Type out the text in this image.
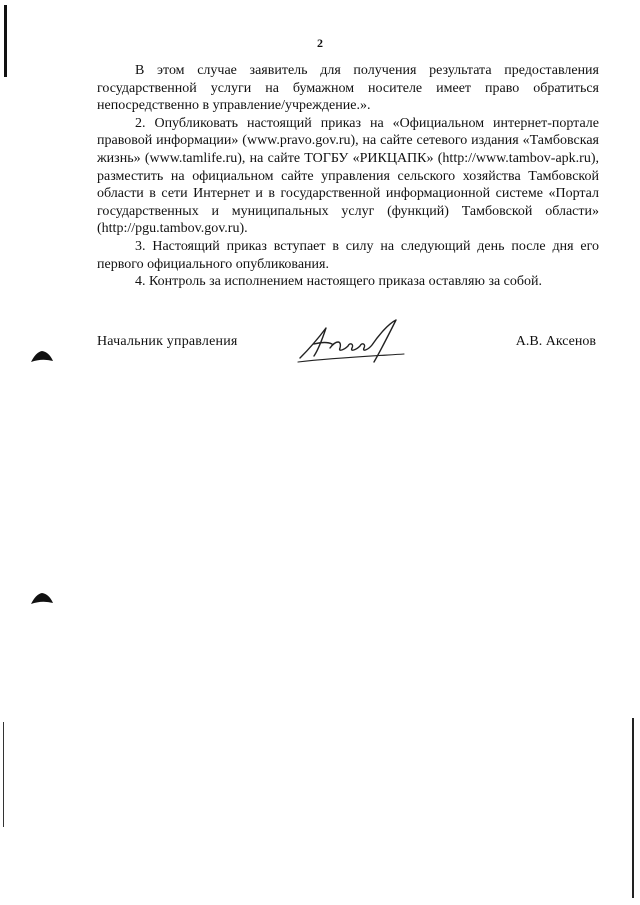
2

В этом случае заявитель для получения результата предоставления государственной услуги на бумажном носителе имеет право обратиться непосредственно в управление/учреждение.».

2. Опубликовать настоящий приказ на «Официальном интернет-портале правовой информации» (www.pravo.gov.ru), на сайте сетевого издания «Тамбовская жизнь» (www.tamlife.ru), на сайте ТОГБУ «РИКЦАПК» (http://www.tambov-apk.ru), разместить на официальном сайте управления сельского хозяйства Тамбовской области в сети Интернет и в государственной информационной системе «Портал государственных и муниципальных услуг (функций) Тамбовской области» (http://pgu.tambov.gov.ru).

3. Настоящий приказ вступает в силу на следующий день после дня его первого официального опубликования.

4. Контроль за исполнением настоящего приказа оставляю за собой.

Начальник управления	А.В. Аксенов
